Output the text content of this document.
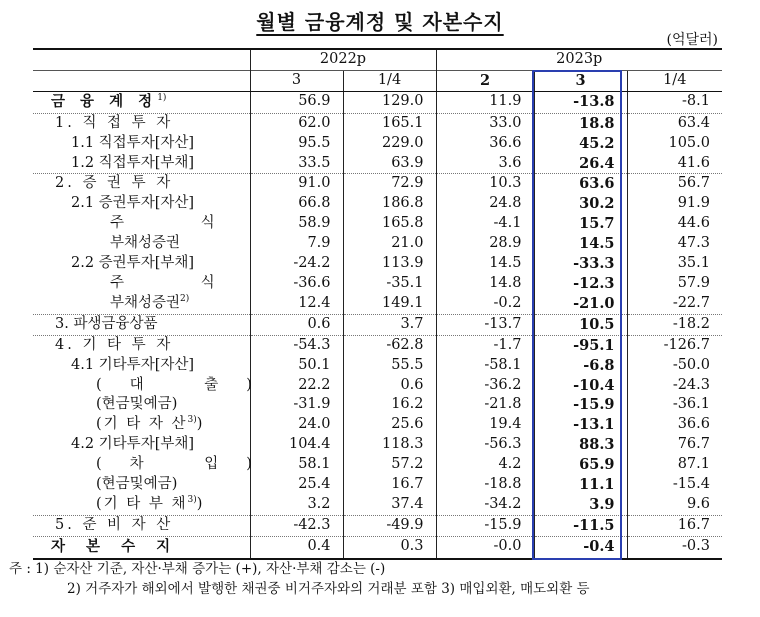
월별 금융계정 및 자본수지
(억달러)
	2022p		2023p		
	3	1/4	2	3	1/4
금 융 계 정$^{1)}$	56.9	129.0	11.9	-13.8	-8.1
1. 직 접 투 자	62.0	165.1	33.0	18.8	63.4
1.1 직접투자[자산]	95.5	229.0	36.6	45.2	105.0
1.2 직접투자[부채]	33.5	63.9	3.6	26.4	41.6
2. 증 권 투 자	91.0	72.9	10.3	63.6	56.7
2.1 증권투자[자산]	66.8	186.8	24.8	30.2	91.9
주 식	58.9	165.8	-4.1	15.7	44.6
부채성증권	7.9	21.0	28.9	14.5	47.3
2.2 증권투자[부채]	-24.2	113.9	14.5	-33.3	35.1
주 식	-36.6	-35.1	14.8	-12.3	57.9
부채성증권$^{2)}$	12.4	149.1	-0.2	-21.0	-22.7
3. 파생금융상품	0.6	3.7	-13.7	10.5	-18.2
4. 기 타 투 자	-54.3	-62.8	-1.7	-95.1	-126.7
4.1 기타투자[자산]	50.1	55.5	-58.1	-6.8	-50.0
(대 출)	22.2	0.6	-36.2	-10.4	-24.3
(현금및예금)	-31.9	16.2	-21.8	-15.9	-36.1
(기 타 자 산$^{3)}$)	24.0	25.6	19.4	-13.1	36.6
4.2 기타투자[부채]	104.4	118.3	-56.3	88.3	76.7
(차 입)	58.1	57.2	4.2	65.9	87.1
(현금및예금)	25.4	16.7	-18.8	11.1	-15.4
(기 타 부 채$^{3)}$)	3.2	37.4	-34.2	3.9	9.6
5. 준 비 자 산	-42.3	-49.9	-15.9	-11.5	16.7
자 본 수 지	0.4	0.3	-0.0	-0.4	-0.3
주 : 1) 순자산 기준, 자산·부채 증가는 (+), 자산·부채 감소는 (-)
2) 거주자가 해외에서 발행한 채권중 비거주자와의 거래분 포함 3) 매입외환, 매도외환 등
